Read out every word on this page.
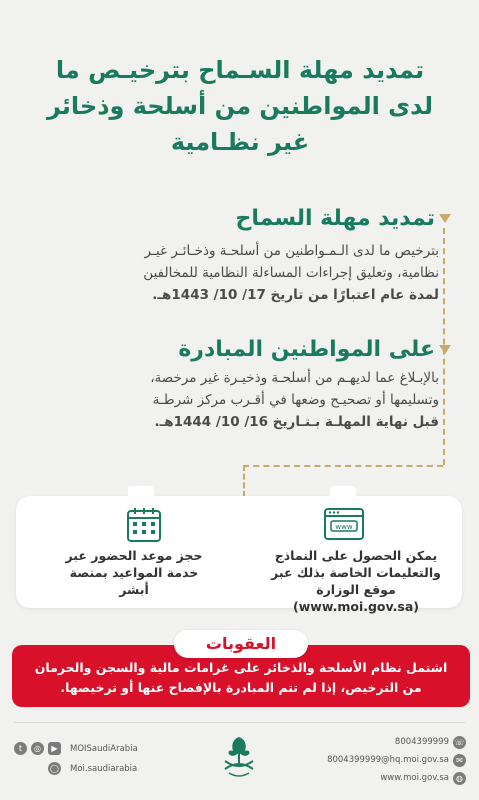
تمديد مهلة السـماح بترخيـص ما
لدى المواطنين من أسلحة وذخائر
غير نظـامية
تمديد مهلة السماح
بترخيص ما لدى الـمـواطنين من أسلحـة وذخـائـر غيـر
نظامية، وتعليق إجراءات المساءلة النظامية للمخالفين
لمدة عام اعتبارًا من تاريخ 17/ 10/ 1443هـ.
على المواطنين المبادرة
بالإبـلاغ عما لديهـم من أسلحـة وذخيـرة غير مرخصة،
وتسليمها أو تصحيـح وضعها في أقـرب مركز شرطـة
قبل نهاية المهلـة بـتـاريخ 16/ 10/ 1444هـ.
www
يمكن الحصول على النماذج
والتعليمات الخاصة بذلك عبر
موقع الوزارة (www.moi.gov.sa)
حجز موعد الحضور عبر
خدمة المواعيد بمنصة
أبشر
العقوبات
اشتمل نظام الأسلحة والذخائر على غرامات مالية والسجن والحرمان
من الترخيص، إذا لم تتم المبادرة بالإفصاح عنها أو ترخيصها.
t	◎	▶
◯
MOISaudiArabia
Moi.saudiarabia
8004399999
8004399999@hq.moi.gov.sa
www.moi.gov.sa
☏
✉
◍
